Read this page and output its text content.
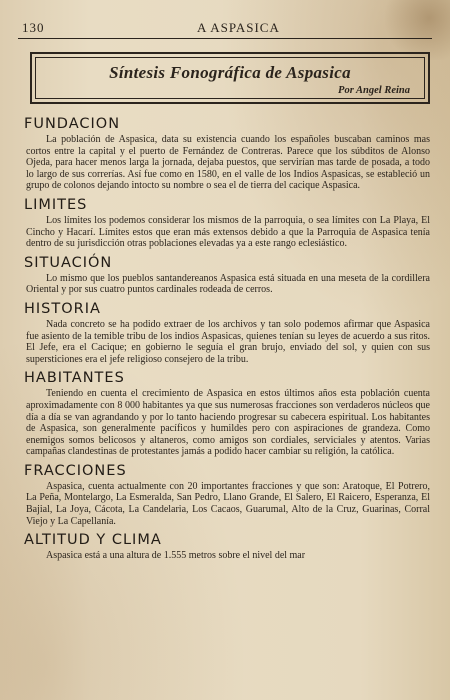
130	A ASPASICA
Síntesis Fonográfica de Aspasica
Por Angel Reina
FUNDACION

La población de Aspasica, data su existencia cuando los españoles buscaban caminos mas cortos entre la capital y el puerto de Fernández de Contreras. Parece que los súbditos de Alonso Ojeda, para hacer menos larga la jornada, dejaba puestos, que servirían mas tarde de posada, a todo lo largo de sus correrías. Así fue como en 1580, en el valle de los Indios Aspasicas, se estableció un grupo de colonos dejando intocto su nombre o sea el de tierra del cacique Aspasica.

LIMITES

Los límites los podemos considerar los mismos de la parroquia, o sea límites con La Playa, El Cincho y Hacarí. Límites estos que eran más extensos debido a que la Parroquia de Aspasica tenía dentro de su jurisdicción otras poblaciones elevadas ya a este rango eclesiástico.

SITUACIÓN

Lo mismo que los pueblos santandereanos Aspasica está situada en una meseta de la cordillera Oriental y por sus cuatro puntos cardinales rodeada de cerros.

HISTORIA

Nada concreto se ha podido extraer de los archivos y tan solo podemos afirmar que Aspasica fue asiento de la temible tribu de los indios Aspasicas, quienes tenían su leyes de acuerdo a sus ritos. El Jefe, era el Cacique; en gobierno le seguía el gran brujo, enviado del sol, y quien con sus supersticiones era el jefe religioso consejero de la tribu.

HABITANTES

Teniendo en cuenta el crecimiento de Aspasica en estos últimos años esta población cuenta aproximadamente con 8 000 habitantes ya que sus numerosas fracciones son verdaderos núcleos que día a día se van agrandando y por lo tanto haciendo progresar su cabecera espiritual. Los habitantes de Aspasica, son generalmente pacíficos y humildes pero con aspiraciones de grandeza. Como enemigos somos belicosos y altaneros, como amigos son cordiales, serviciales y atentos. Varias campañas clandestinas de protestantes jamás a podido hacer cambiar su religión, la católica.

FRACCIONES

Aspasica, cuenta actualmente con 20 importantes fracciones y que son: Aratoque, El Potrero, La Peña, Montelargo, La Esmeralda, San Pedro, Llano Grande, El Salero, El Raicero, Esperanza, El Bajial, La Joya, Cácota, La Candelaria, Los Cacaos, Guarumal, Alto de la Cruz, Guarinas, Corral Viejo y La Capellanía.

ALTITUD Y CLIMA

Aspasica está a una altura de 1.555 metros sobre el nivel del mar
